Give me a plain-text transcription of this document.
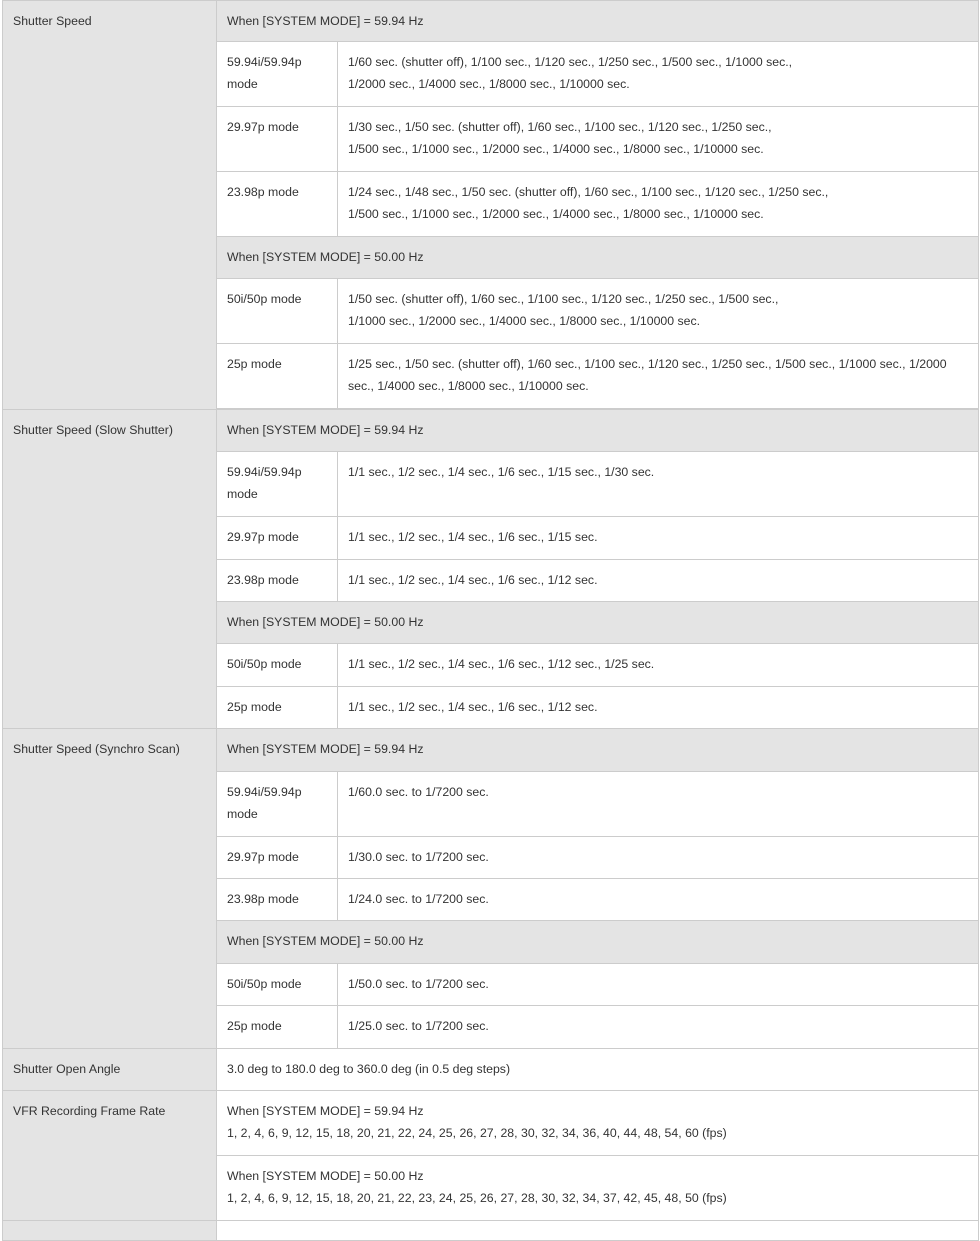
Shutter Speed	When [SYSTEM MODE] = 59.94 Hz	
	59.94i/59.94p mode	1/60 sec. (shutter off), 1/100 sec., 1/120 sec., 1/250 sec., 1/500 sec., 1/1000 sec., 1/2000 sec., 1/4000 sec., 1/8000 sec., 1/10000 sec.
	29.97p mode	1/30 sec., 1/50 sec. (shutter off), 1/60 sec., 1/100 sec., 1/120 sec., 1/250 sec., 1/500 sec., 1/1000 sec., 1/2000 sec., 1/4000 sec., 1/8000 sec., 1/10000 sec.
	23.98p mode	1/24 sec., 1/48 sec., 1/50 sec. (shutter off), 1/60 sec., 1/100 sec., 1/120 sec., 1/250 sec., 1/500 sec., 1/1000 sec., 1/2000 sec., 1/4000 sec., 1/8000 sec., 1/10000 sec.
	When [SYSTEM MODE] = 50.00 Hz	
	50i/50p mode	1/50 sec. (shutter off), 1/60 sec., 1/100 sec., 1/120 sec., 1/250 sec., 1/500 sec., 1/1000 sec., 1/2000 sec., 1/4000 sec., 1/8000 sec., 1/10000 sec.
	25p mode	1/25 sec., 1/50 sec. (shutter off), 1/60 sec., 1/100 sec., 1/120 sec., 1/250 sec., 1/500 sec., 1/1000 sec., 1/2000 sec., 1/4000 sec., 1/8000 sec., 1/10000 sec.

Shutter Speed (Slow Shutter)	When [SYSTEM MODE] = 59.94 Hz	
	59.94i/59.94p mode	1/1 sec., 1/2 sec., 1/4 sec., 1/6 sec., 1/15 sec., 1/30 sec.
	29.97p mode	1/1 sec., 1/2 sec., 1/4 sec., 1/6 sec., 1/15 sec.
	23.98p mode	1/1 sec., 1/2 sec., 1/4 sec., 1/6 sec., 1/12 sec.
	When [SYSTEM MODE] = 50.00 Hz	
	50i/50p mode	1/1 sec., 1/2 sec., 1/4 sec., 1/6 sec., 1/12 sec., 1/25 sec.
	25p mode	1/1 sec., 1/2 sec., 1/4 sec., 1/6 sec., 1/12 sec.
Shutter Speed (Synchro Scan)	When [SYSTEM MODE] = 59.94 Hz	
	59.94i/59.94p mode	1/60.0 sec. to 1/7200 sec.
	29.97p mode	1/30.0 sec. to 1/7200 sec.
	23.98p mode	1/24.0 sec. to 1/7200 sec.
	When [SYSTEM MODE] = 50.00 Hz	
	50i/50p mode	1/50.0 sec. to 1/7200 sec.
	25p mode	1/25.0 sec. to 1/7200 sec.
Shutter Open Angle	3.0 deg to 180.0 deg to 360.0 deg (in 0.5 deg steps)	
VFR Recording Frame Rate	When [SYSTEM MODE] = 59.94 Hz
1, 2, 4, 6, 9, 12, 15, 18, 20, 21, 22, 24, 25, 26, 27, 28, 30, 32, 34, 36, 40, 44, 48, 54, 60 (fps)	

	When [SYSTEM MODE] = 50.00 Hz
1, 2, 4, 6, 9, 12, 15, 18, 20, 21, 22, 23, 24, 25, 26, 27, 28, 30, 32, 34, 37, 42, 45, 48, 50 (fps)	
